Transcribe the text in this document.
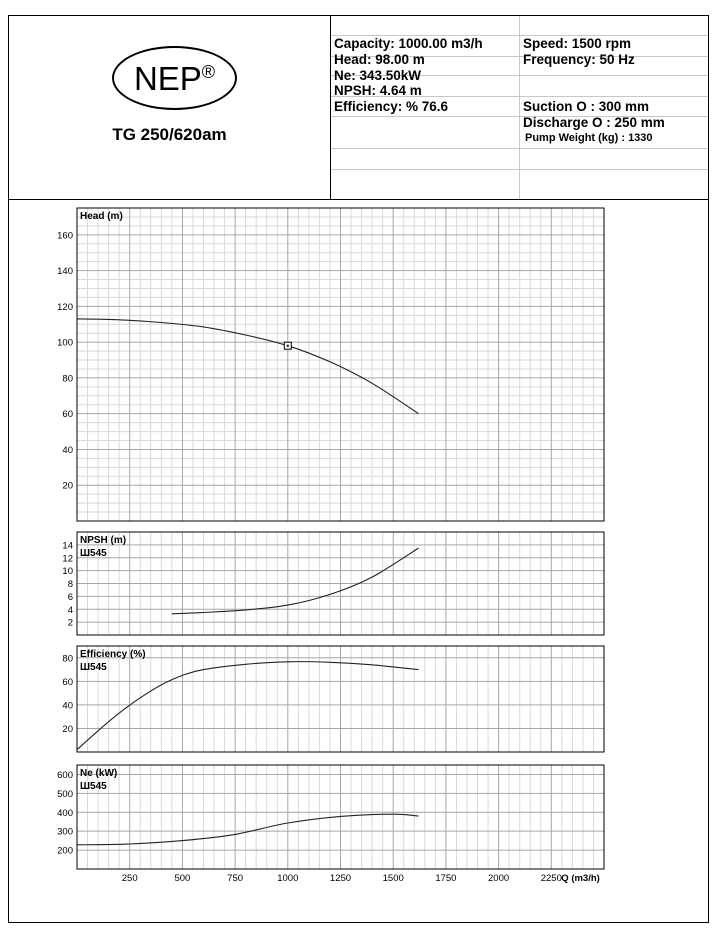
NEP®
TG 250/620am
Capacity: 1000.00 m3/h
Head: 98.00 m
Ne: 343.50kW
NPSH: 4.64 m
Efficiency: % 76.6
Speed: 1500 rpm
Frequency: 50 Hz
Suction O : 300 mm
Discharge O : 250 mm
Pump Weight (kg) : 1330
20
40
60
80
100
120
140
160
Head (m)
Q (m3/h)
2
4
6
8
10
12
14 NPSH (m)
Ш545
20
40
60
80 Efficiency (%)
Ш545
200
300
400
500
600 Ne (kW)
Ш545
250	500	750	1000	1250	1500	1750	2000	2250
